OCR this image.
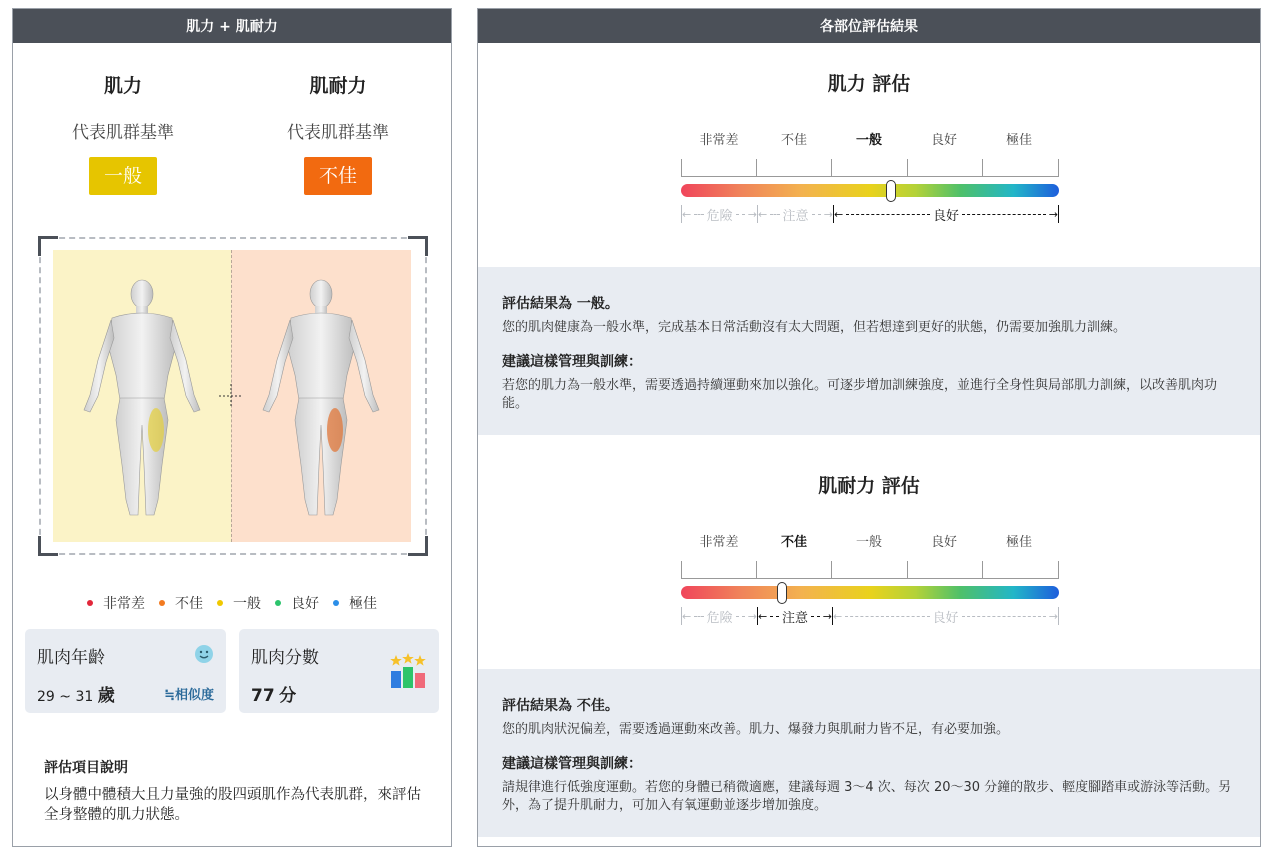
肌力 + 肌耐力
肌力
代表肌群基準
一般
肌耐力
代表肌群基準
不佳
非常差 不佳 一般 良好 極佳
肌肉年齡
29 ~ 31 歲	≒相似度
肌肉分數
77 分
評估項目說明
以身體中體積大且力量強的股四頭肌作為代表肌群，來評估全身整體的肌力狀態。
各部位評估結果
肌力 評估
非常差	不佳	一般	良好	極佳
←
危險 → ←	注意 → ←	良好
→
評估結果為 一般。
您的肌肉健康為一般水準，完成基本日常活動沒有太大問題，但若想達到更好的狀態，仍需要加強肌力訓練。
建議這樣管理與訓練：
若您的肌力為一般水準，需要透過持續運動來加以強化。可逐步增加訓練強度，並進行全身性與局部肌力訓練，以改善肌肉功能。
肌耐力 評估
非常差	不佳	一般	良好	極佳
←
危險 → ←	注意 → ←	良好
→
評估結果為 不佳。
您的肌肉狀況偏差，需要透過運動來改善。肌力、爆發力與肌耐力皆不足，有必要加強。
建議這樣管理與訓練：
請規律進行低強度運動。若您的身體已稍微適應，建議每週 3～4 次、每次 20～30 分鐘的散步、輕度腳踏車或游泳等活動。另外，為了提升肌耐力，可加入有氧運動並逐步增加強度。
